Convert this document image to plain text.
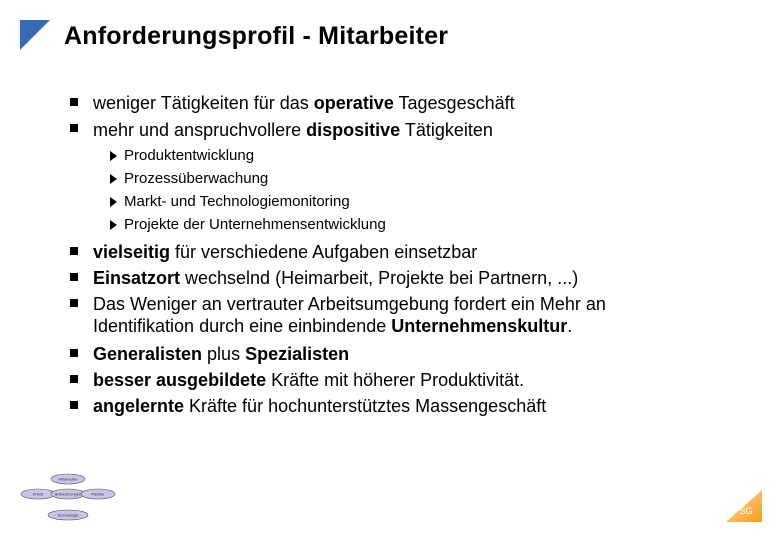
Anforderungsprofil - Mitarbeiter
weniger Tätigkeiten für das operative Tagesgeschäft
mehr und anspruchvollere dispositive Tätigkeiten
Produktentwicklung
Prozessüberwachung
Markt- und Technologiemonitoring
Projekte der Unternehmensentwicklung
vielseitig für verschiedene Aufgaben einsetzbar
Einsatzort wechselnd (Heimarbeit, Projekte bei Partnern, ...)
Das Weniger an vertrauter Arbeitsumgebung fordert ein Mehr an
Identifikation durch eine einbindende Unternehmenskultur.
Generalisten plus Spezialisten
besser ausgebildete Kräfte mit höherer Produktivität.
angelernte Kräfte für hochunterstütztes Massengeschäft
Mitarbeiter
Arbeit	Anforderungen	Partner
Technologie	SG
